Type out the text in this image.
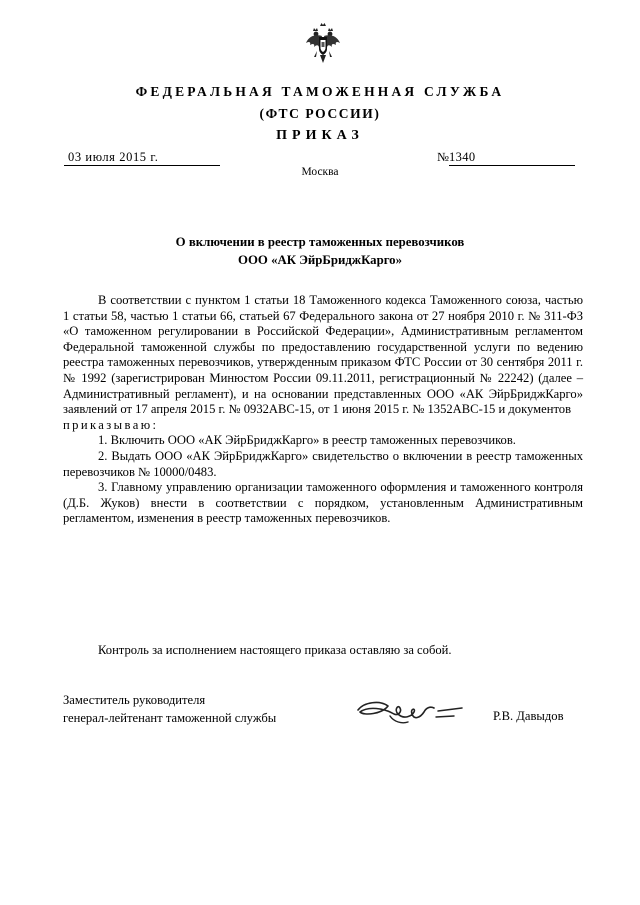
ФЕДЕРАЛЬНАЯ ТАМОЖЕННАЯ СЛУЖБА
(ФТС РОССИИ)
ПРИКАЗ
03 июля 2015 г.	№1340
Москва
О включении в реестр таможенных перевозчиков
ООО «АК ЭйрБриджКарго»

В соответствии с пунктом 1 статьи 18 Таможенного кодекса Таможенного союза, частью 1 статьи 58, частью 1 статьи 66, статьей 67 Федерального закона от 27 ноября 2010 г. № 311-ФЗ «О таможенном регулировании в Российской Федерации», Административным регламентом Федеральной таможенной службы по предоставлению государственной услуги по ведению реестра таможенных перевозчиков, утвержденным приказом ФТС России от 30 сентября 2011 г. № 1992 (зарегистрирован Минюстом России 09.11.2011, регистрационный № 22242) (далее – Административный регламент), и на основании представленных ООО «АК ЭйрБриджКарго» заявлений от 17 апреля 2015 г. № 0932ABC-15, от 1 июня 2015 г. № 1352ABC-15 и документов

приказываю:

1. Включить ООО «АК ЭйрБриджКарго» в реестр таможенных перевозчиков.

2. Выдать ООО «АК ЭйрБриджКарго» свидетельство о включении в реестр таможенных перевозчиков № 10000/0483.

3. Главному управлению организации таможенного оформления и таможенного контроля (Д.Б. Жуков) внести в соответствии с порядком, установленным Административным регламентом, изменения в реестр таможенных перевозчиков.

Контроль за исполнением настоящего приказа оставляю за собой.
Заместитель руководителя
генерал-лейтенант таможенной службы	Р.В. Давыдов
